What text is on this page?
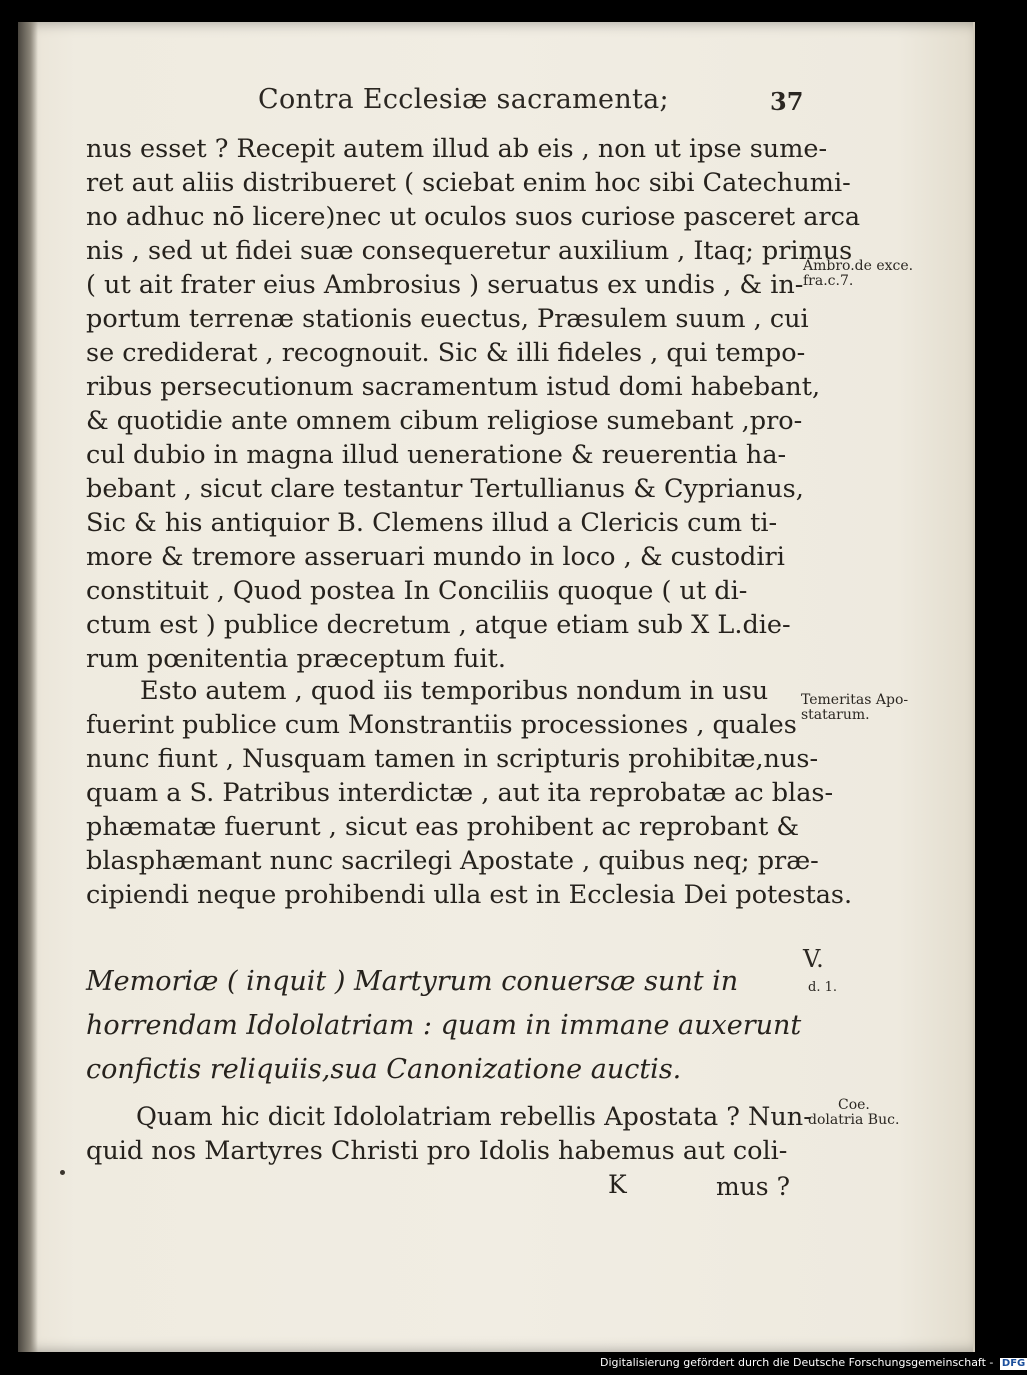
Contra Ecclesiæ sacramenta;	37
nus esset ? Recepit autem illud ab eis , non ut ipse sume-
ret aut aliis distribueret ( sciebat enim hoc sibi Catechumi-
no adhuc nō licere)nec ut oculos suos curiose pasceret arca
nis , sed ut fidei suæ consequeretur auxilium , Itaq; primus
( ut ait frater eius Ambrosius ) seruatus ex undis , & in-
portum terrenæ stationis euectus, Præsulem suum , cui
se crediderat , recognouit. Sic & illi fideles , qui tempo-
ribus persecutionum sacramentum istud domi habebant,
& quotidie ante omnem cibum religiose sumebant ,pro-
cul dubio in magna illud ueneratione & reuerentia ha-
bebant , sicut clare testantur Tertullianus & Cyprianus,
Sic & his antiquior B. Clemens illud a Clericis cum ti-
more & tremore asseruari mundo in loco , & custodiri
constituit , Quod postea In Conciliis quoque ( ut di-
ctum est ) publice decretum , atque etiam sub X L.die-
rum pœnitentia præceptum fuit.
Esto autem , quod iis temporibus nondum in usu
fuerint publice cum Monstrantiis processiones , quales
nunc fiunt , Nusquam tamen in scripturis prohibitæ,nus-
quam a S. Patribus interdictæ , aut ita reprobatæ ac blas-
phæmatæ fuerunt , sicut eas prohibent ac reprobant &
blasphæmant nunc sacrilegi Apostate , quibus neq; præ-
cipiendi neque prohibendi ulla est in Ecclesia Dei potestas.
Memoriæ ( inquit ) Martyrum conuersæ sunt in
horrendam Idololatriam : quam in immane auxerunt
confictis reliquiis,sua Canonizatione auctis.
Quam hic dicit Idololatriam rebellis Apostata ? Nun-
quid nos Martyres Christi pro Idolis habemus aut coli-
K	mus ?
Ambro.de exce.
fra.c.7.
Temeritas Apo-
statarum.
V.
d. 1.
Coe.
dolatria Buc.
Digitalisierung gefördert durch die Deutsche Forschungsgemeinschaft - DFG
